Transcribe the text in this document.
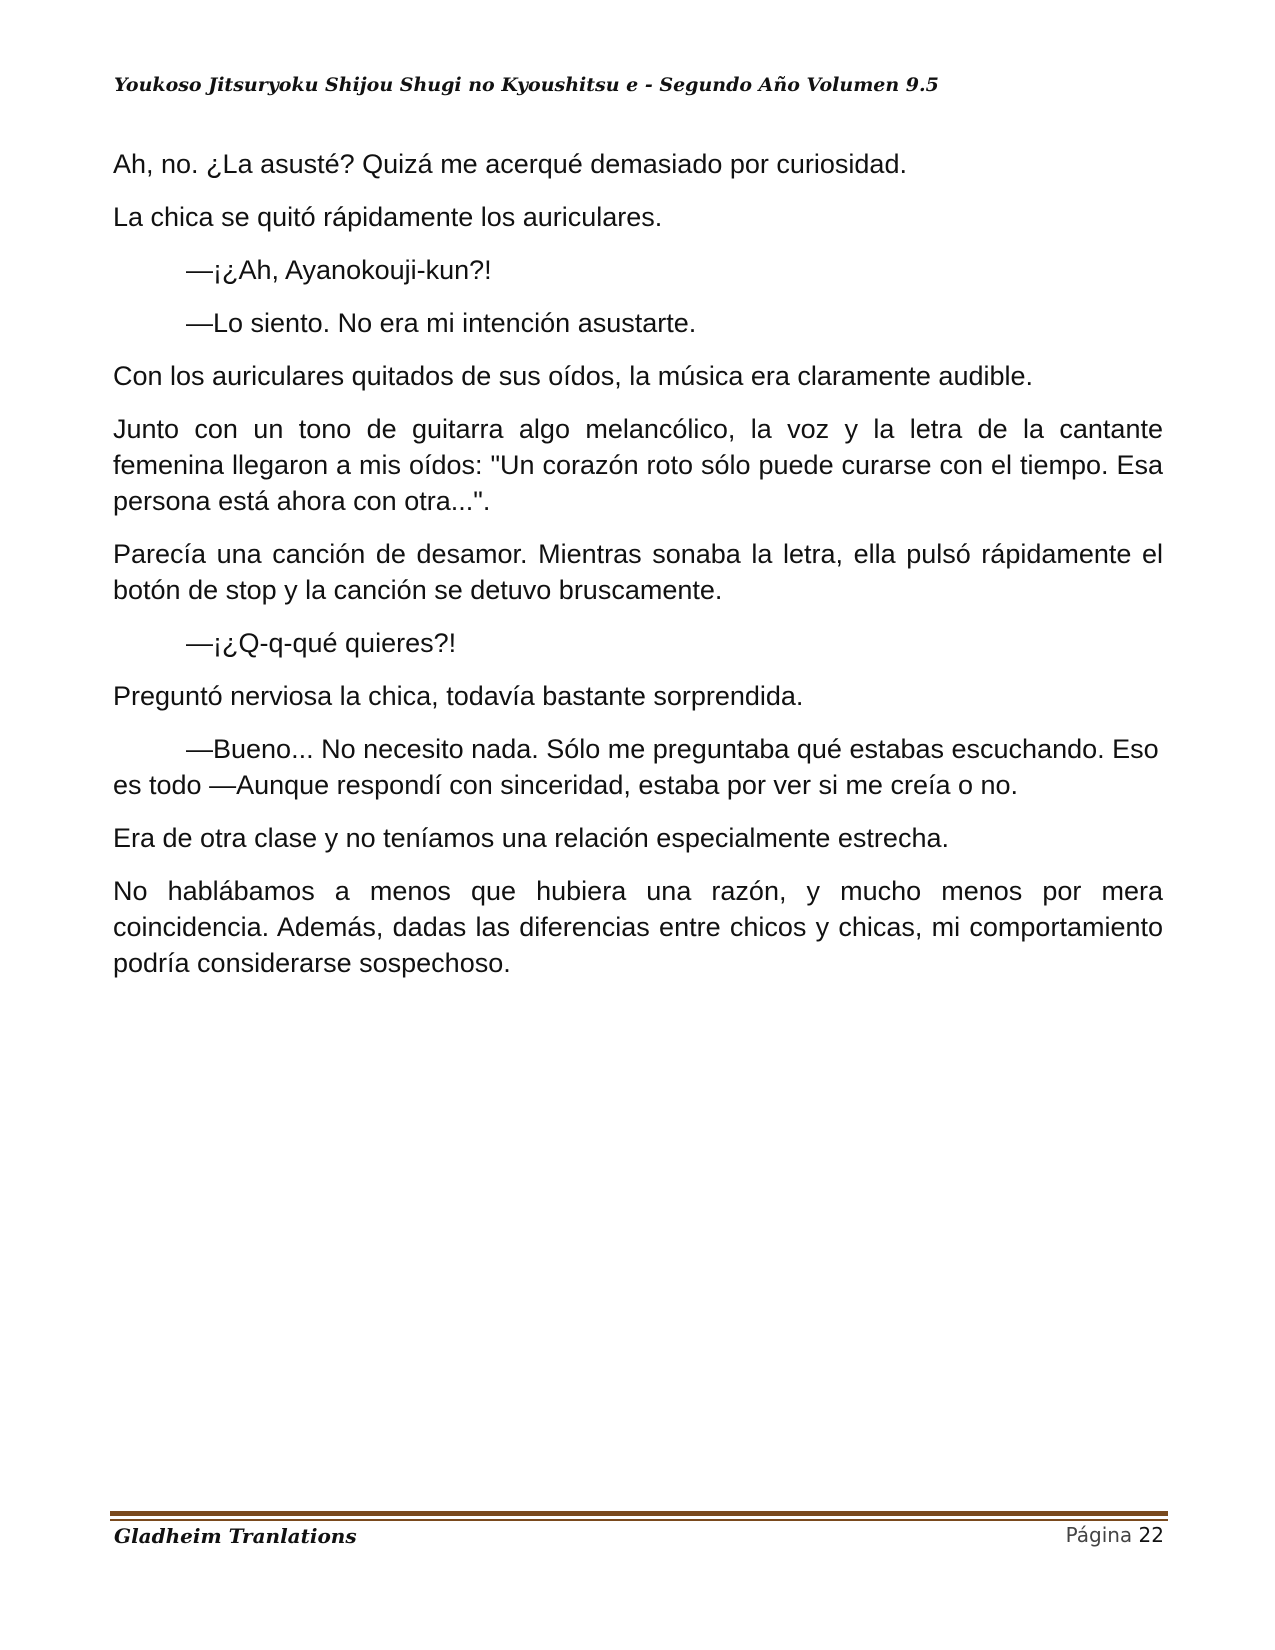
Youkoso Jitsuryoku Shijou Shugi no Kyoushitsu e - Segundo Año Volumen 9.5

Ah, no. ¿La asusté? Quizá me acerqué demasiado por curiosidad.

La chica se quitó rápidamente los auriculares.

—¡¿Ah, Ayanokouji-kun?!

—Lo siento. No era mi intención asustarte.

Con los auriculares quitados de sus oídos, la música era claramente audible.

Junto con un tono de guitarra algo melancólico, la voz y la letra de la cantante femenina llegaron a mis oídos: "Un corazón roto sólo puede curarse con el tiempo. Esa persona está ahora con otra...".

Parecía una canción de desamor. Mientras sonaba la letra, ella pulsó rápidamente el botón de stop y la canción se detuvo bruscamente.

—¡¿Q-q-qué quieres?!

Preguntó nerviosa la chica, todavía bastante sorprendida.

—Bueno... No necesito nada. Sólo me preguntaba qué estabas escuchando. Eso es todo —Aunque respondí con sinceridad, estaba por ver si me creía o no.

Era de otra clase y no teníamos una relación especialmente estrecha.

No hablábamos a menos que hubiera una razón, y mucho menos por mera coincidencia. Además, dadas las diferencias entre chicos y chicas, mi comportamiento podría considerarse sospechoso.

Gladheim Tranlations	Página 22
